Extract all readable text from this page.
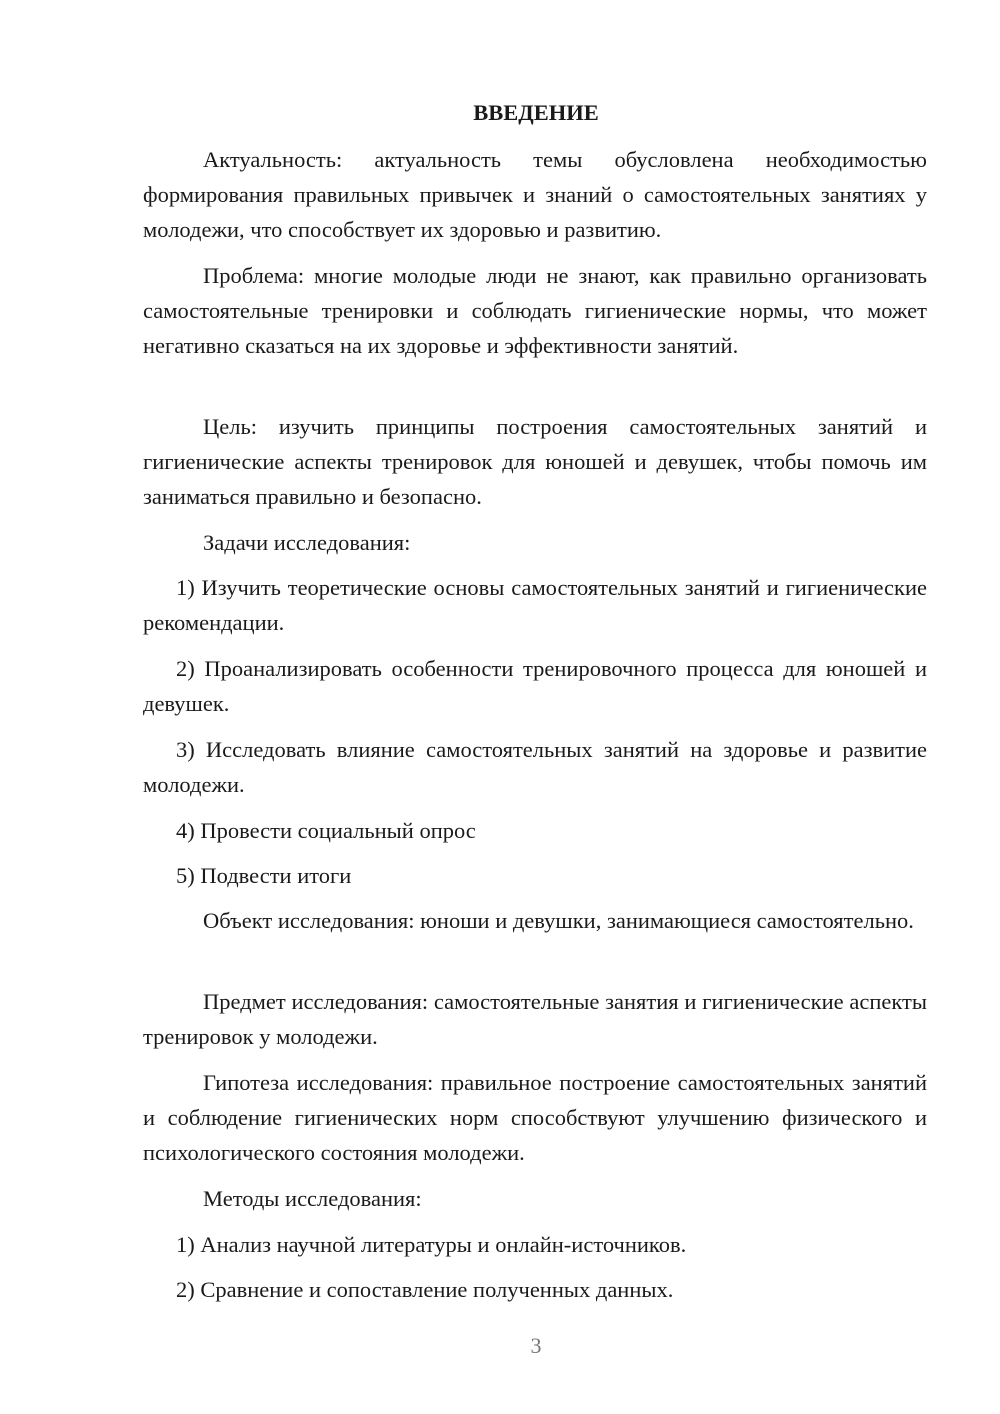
ВВЕДЕНИЕ

Актуальность: актуальность темы обусловлена необходимостью формирования правильных привычек и знаний о самостоятельных занятиях у молодежи, что способствует их здоровью и развитию.

Проблема: многие молодые люди не знают, как правильно организовать самостоятельные тренировки и соблюдать гигиенические нормы, что может негативно сказаться на их здоровье и эффективности занятий.

Цель: изучить принципы построения самостоятельных занятий и гигиенические аспекты тренировок для юношей и девушек, чтобы помочь им заниматься правильно и безопасно.

Задачи исследования:

1) Изучить теоретические основы самостоятельных занятий и гигиенические рекомендации.

2) Проанализировать особенности тренировочного процесса для юношей и девушек.

3) Исследовать влияние самостоятельных занятий на здоровье и развитие молодежи.

4) Провести социальный опрос

5) Подвести итоги

Объект исследования: юноши и девушки, занимающиеся самостоятельно.

Предмет исследования: самостоятельные занятия и гигиенические аспекты тренировок у молодежи.

Гипотеза исследования: правильное построение самостоятельных занятий и соблюдение гигиенических норм способствуют улучшению физического и психологического состояния молодежи.

Методы исследования:

1) Анализ научной литературы и онлайн-источников.

2) Сравнение и сопоставление полученных данных.

3
